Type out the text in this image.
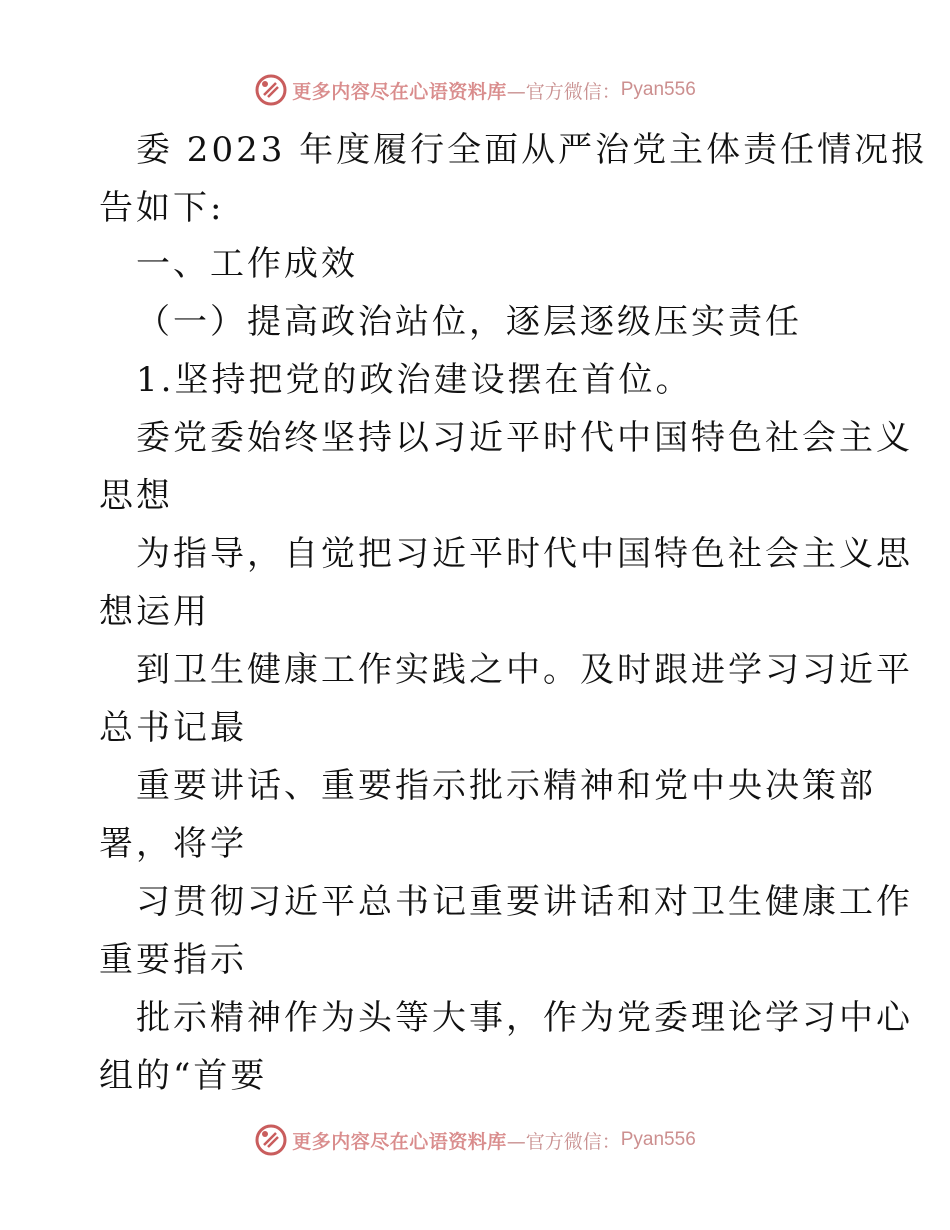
更多内容尽在心语资料库 —官方微信： Pyan556
委 2023 年度履行全面从严治党主体责任情况报
告如下:
一、工作成效
（一）提高政治站位，逐层逐级压实责任
1.坚持把党的政治建设摆在首位。
委党委始终坚持以习近平时代中国特色社会主义
思想
为指导，自觉把习近平时代中国特色社会主义思
想运用
到卫生健康工作实践之中。及时跟进学习习近平
总书记最
重要讲话、重要指示批示精神和党中央决策部
署，将学
习贯彻习近平总书记重要讲话和对卫生健康工作
重要指示
批示精神作为头等大事，作为党委理论学习中心
组的“首要
更多内容尽在心语资料库 —官方微信： Pyan556
